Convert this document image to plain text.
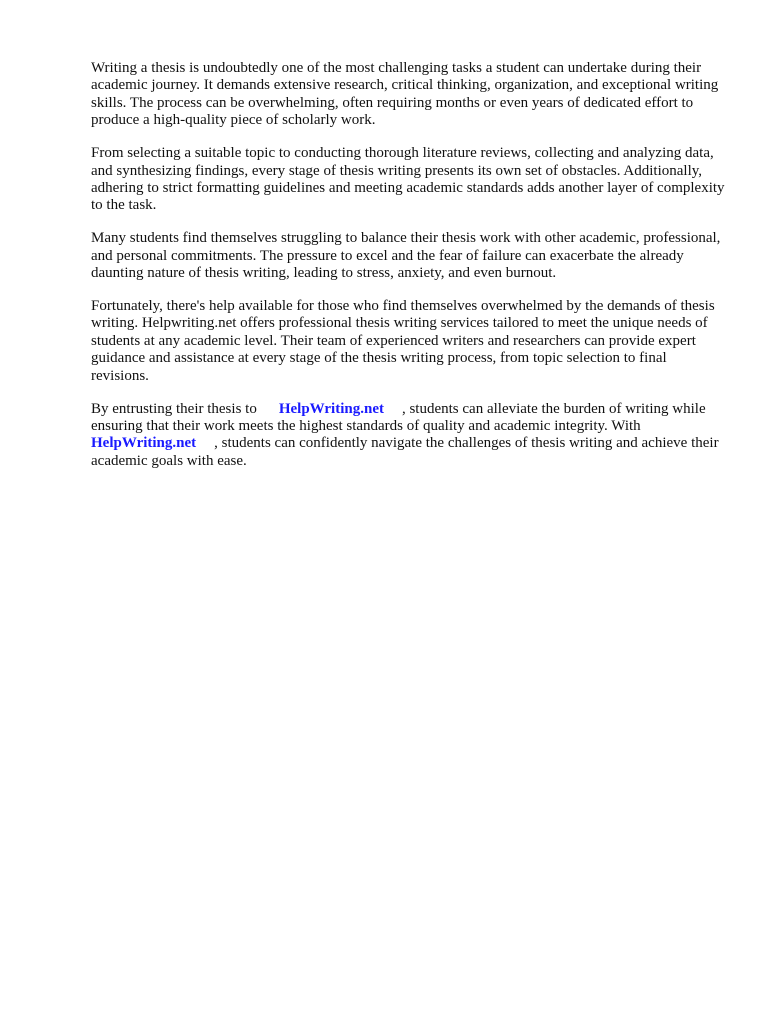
Writing a thesis is undoubtedly one of the most challenging tasks a student can undertake during their academic journey. It demands extensive research, critical thinking, organization, and exceptional writing skills. The process can be overwhelming, often requiring months or even years of dedicated effort to produce a high-quality piece of scholarly work.

From selecting a suitable topic to conducting thorough literature reviews, collecting and analyzing data, and synthesizing findings, every stage of thesis writing presents its own set of obstacles. Additionally, adhering to strict formatting guidelines and meeting academic standards adds another layer of complexity to the task.

Many students find themselves struggling to balance their thesis work with other academic, professional, and personal commitments. The pressure to excel and the fear of failure can exacerbate the already daunting nature of thesis writing, leading to stress, anxiety, and even burnout.

Fortunately, there's help available for those who find themselves overwhelmed by the demands of thesis writing. Helpwriting.net offers professional thesis writing services tailored to meet the unique needs of students at any academic level. Their team of experienced writers and researchers can provide expert guidance and assistance at every stage of the thesis writing process, from topic selection to final revisions.

By entrusting their thesis to HelpWriting.net , students can alleviate the burden of writing while ensuring that their work meets the highest standards of quality and academic integrity. With HelpWriting.net , students can confidently navigate the challenges of thesis writing and achieve their academic goals with ease.
